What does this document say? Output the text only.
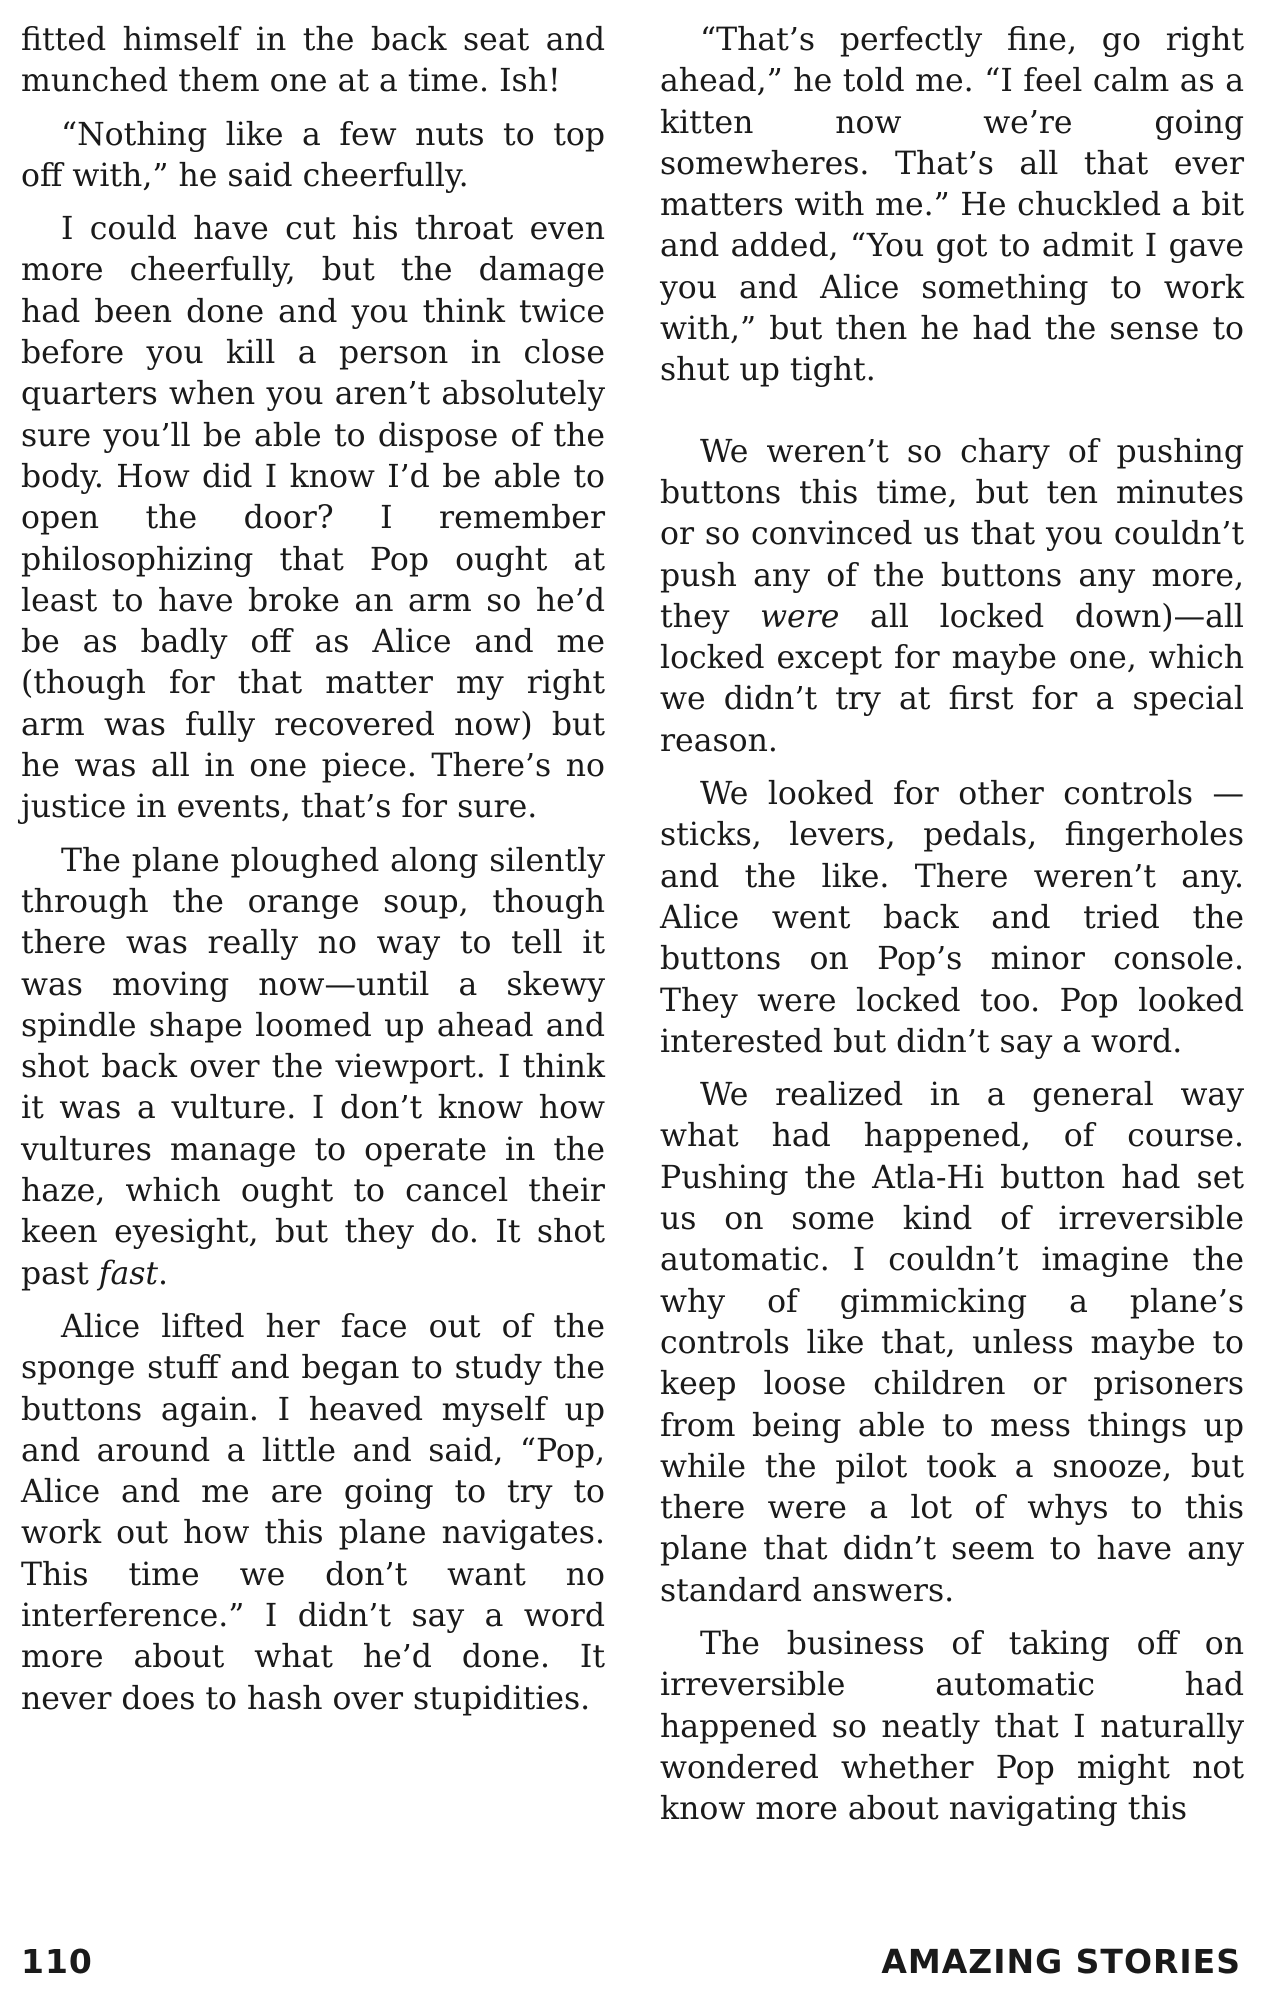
fitted himself in the back seat and munched them one at a time. Ish!

“Nothing like a few nuts to top off with,” he said cheerfully.

I could have cut his throat even more cheerfully, but the damage had been done and you think twice before you kill a person in close quarters when you aren’t absolutely sure you’ll be able to dispose of the body. How did I know I’d be able to open the door? I remember philosophizing that Pop ought at least to have broke an arm so he’d be as badly off as Alice and me (though for that matter my right arm was fully recovered now) but he was all in one piece. There’s no justice in events, that’s for sure.

The plane ploughed along silently through the orange soup, though there was really no way to tell it was moving now—until a skewy spindle shape loomed up ahead and shot back over the viewport. I think it was a vulture. I don’t know how vultures manage to operate in the haze, which ought to cancel their keen eyesight, but they do. It shot past fast.

Alice lifted her face out of the sponge stuff and began to study the buttons again. I heaved myself up and around a little and said, “Pop, Alice and me are going to try to work out how this plane navigates. This time we don’t want no interference.” I didn’t say a word more about what he’d done. It never does to hash over stupidities.

“That’s perfectly fine, go right ahead,” he told me. “I feel calm as a kitten now we’re going somewheres. That’s all that ever matters with me.” He chuckled a bit and added, “You got to admit I gave you and Alice something to work with,” but then he had the sense to shut up tight.

We weren’t so chary of pushing buttons this time, but ten minutes or so convinced us that you couldn’t push any of the buttons any more, they were all locked down)—all locked except for maybe one, which we didn’t try at first for a special reason.

We looked for other controls —sticks, levers, pedals, fingerholes and the like. There weren’t any. Alice went back and tried the buttons on Pop’s minor console. They were locked too. Pop looked interested but didn’t say a word.

We realized in a general way what had happened, of course. Pushing the Atla-Hi button had set us on some kind of irreversible automatic. I couldn’t imagine the why of gimmicking a plane’s controls like that, unless maybe to keep loose children or prisoners from being able to mess things up while the pilot took a snooze, but there were a lot of whys to this plane that didn’t seem to have any standard answers.

The business of taking off on irreversible automatic had happened so neatly that I naturally wondered whether Pop might not know more about navigating this

110	AMAZING STORIES
